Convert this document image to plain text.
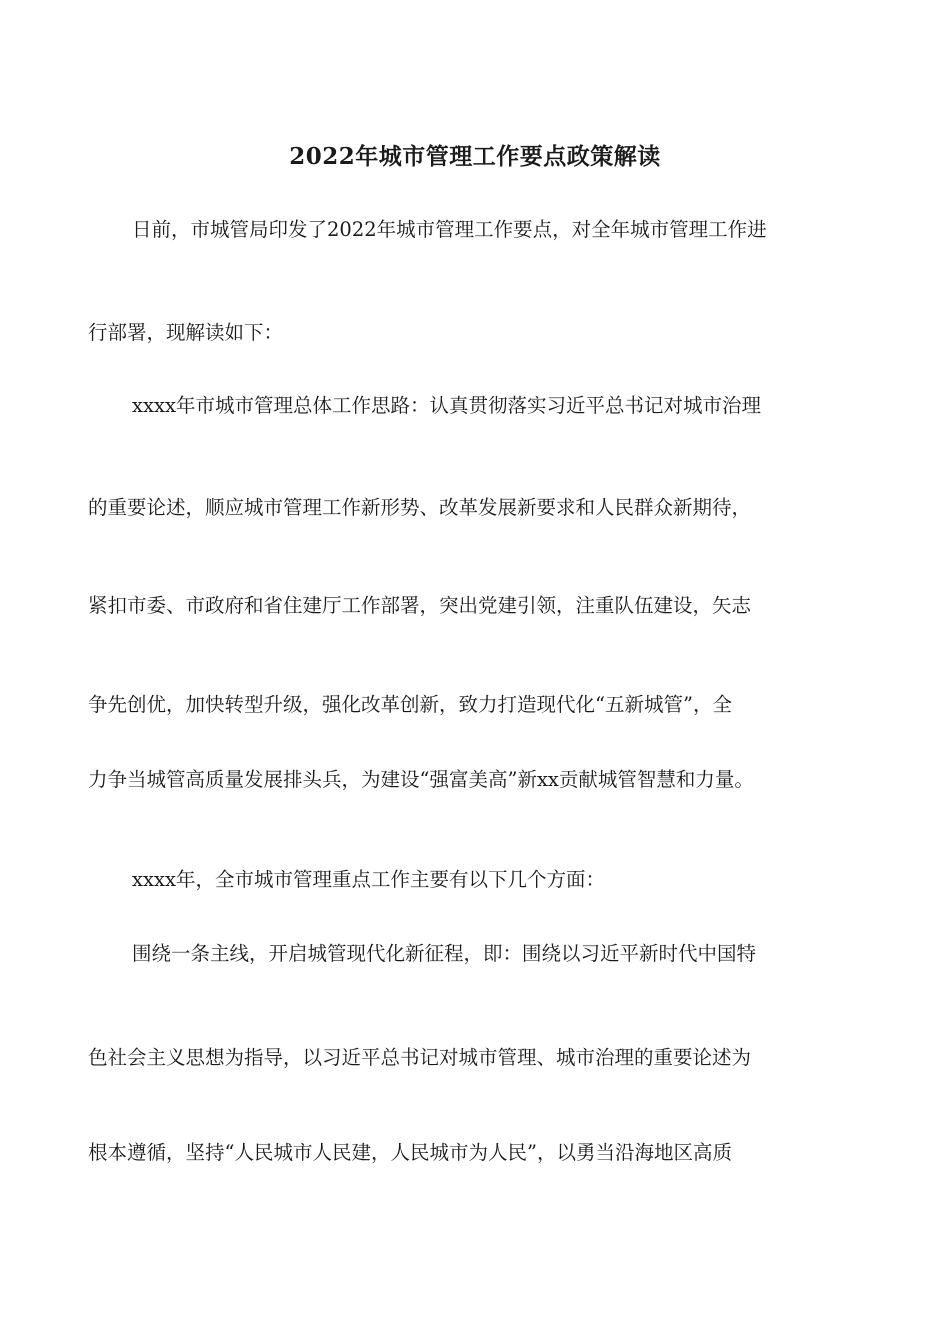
2022年城市管理工作要点政策解读
日前，市城管局印发了2022年城市管理工作要点，对全年城市管理工作进
行部署，现解读如下：
xxxx年市城市管理总体工作思路：认真贯彻落实习近平总书记对城市治理
的重要论述，顺应城市管理工作新形势、改革发展新要求和人民群众新期待，
紧扣市委、市政府和省住建厅工作部署，突出党建引领，注重队伍建设，矢志
争先创优，加快转型升级，强化改革创新，致力打造现代化“五新城管”，全
力争当城管高质量发展排头兵，为建设“强富美高”新xx贡献城管智慧和力量。
xxxx年，全市城市管理重点工作主要有以下几个方面：
围绕一条主线，开启城管现代化新征程，即：围绕以习近平新时代中国特
色社会主义思想为指导，以习近平总书记对城市管理、城市治理的重要论述为
根本遵循，坚持“人民城市人民建，人民城市为人民”，以勇当沿海地区高质
